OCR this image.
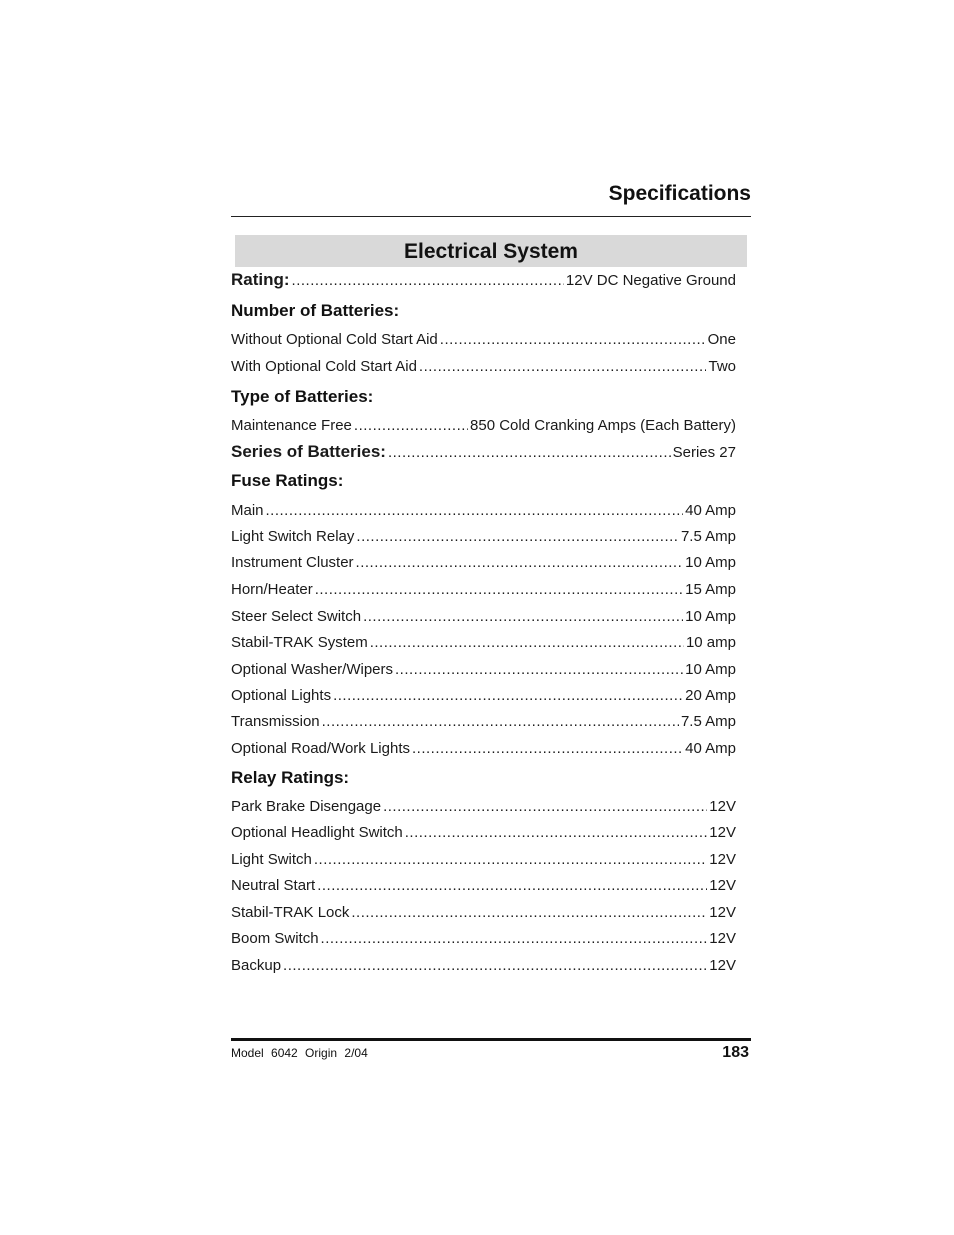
Specifications
Electrical System
Rating: .....	12V DC Negative Ground
Number of Batteries:
Without Optional Cold Start Aid .....	One
With Optional Cold Start Aid .....	Two
Type of Batteries:
Maintenance Free .....	850 Cold Cranking Amps (Each Battery)
Series of Batteries: .....	Series 27
Fuse Ratings:
Main .....	40 Amp
Light Switch Relay .....	7.5 Amp
Instrument Cluster .....	10 Amp
Horn/Heater .....	15 Amp
Steer Select Switch .....	10 Amp
Stabil-TRAK System .....	10 amp
Optional Washer/Wipers .....	10 Amp
Optional Lights .....	20 Amp
Transmission .....	7.5 Amp
Optional Road/Work Lights .....	40 Amp
Relay Ratings:
Park Brake Disengage .....	12V
Optional Headlight Switch .....	12V
Light Switch .....	12V
Neutral Start .....	12V
Stabil-TRAK Lock .....	12V
Boom Switch .....	12V
Backup .....	12V
Model 6042 Origin 2/04	183
